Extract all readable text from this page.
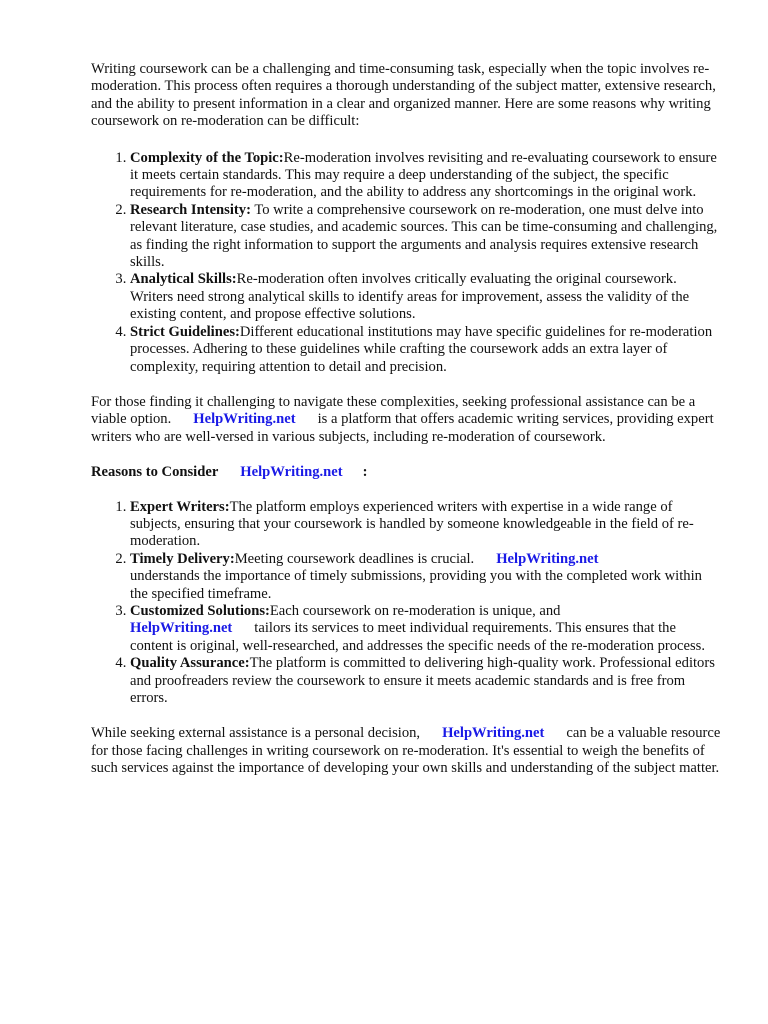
Writing coursework can be a challenging and time-consuming task, especially when the topic involves re-moderation. This process often requires a thorough understanding of the subject matter, extensive research, and the ability to present information in a clear and organized manner. Here are some reasons why writing coursework on re-moderation can be difficult:

1. Complexity of the Topic:Re-moderation involves revisiting and re-evaluating coursework to ensure it meets certain standards. This may require a deep understanding of the subject, the specific requirements for re-moderation, and the ability to address any shortcomings in the original work.
2. Research Intensity: To write a comprehensive coursework on re-moderation, one must delve into relevant literature, case studies, and academic sources. This can be time-consuming and challenging, as finding the right information to support the arguments and analysis requires extensive research skills.
3. Analytical Skills:Re-moderation often involves critically evaluating the original coursework. Writers need strong analytical skills to identify areas for improvement, assess the validity of the existing content, and propose effective solutions.
4. Strict Guidelines:Different educational institutions may have specific guidelines for re-moderation processes. Adhering to these guidelines while crafting the coursework adds an extra layer of complexity, requiring attention to detail and precision.

For those finding it challenging to navigate these complexities, seeking professional assistance can be a viable option. HelpWriting.net is a platform that offers academic writing services, providing expert writers who are well-versed in various subjects, including re-moderation of coursework.

Reasons to Consider HelpWriting.net :

1. Expert Writers:The platform employs experienced writers with expertise in a wide range of subjects, ensuring that your coursework is handled by someone knowledgeable in the field of re-moderation.
2. Timely Delivery:Meeting coursework deadlines is crucial. HelpWriting.net
understands the importance of timely submissions, providing you with the completed work within the specified timeframe.
3. Customized Solutions:Each coursework on re-moderation is unique, and
HelpWriting.net tailors its services to meet individual requirements. This ensures that the content is original, well-researched, and addresses the specific needs of the re-moderation process.
4. Quality Assurance:The platform is committed to delivering high-quality work. Professional editors and proofreaders review the coursework to ensure it meets academic standards and is free from errors.

While seeking external assistance is a personal decision, HelpWriting.net can be a valuable resource for those facing challenges in writing coursework on re-moderation. It's essential to weigh the benefits of such services against the importance of developing your own skills and understanding of the subject matter.
